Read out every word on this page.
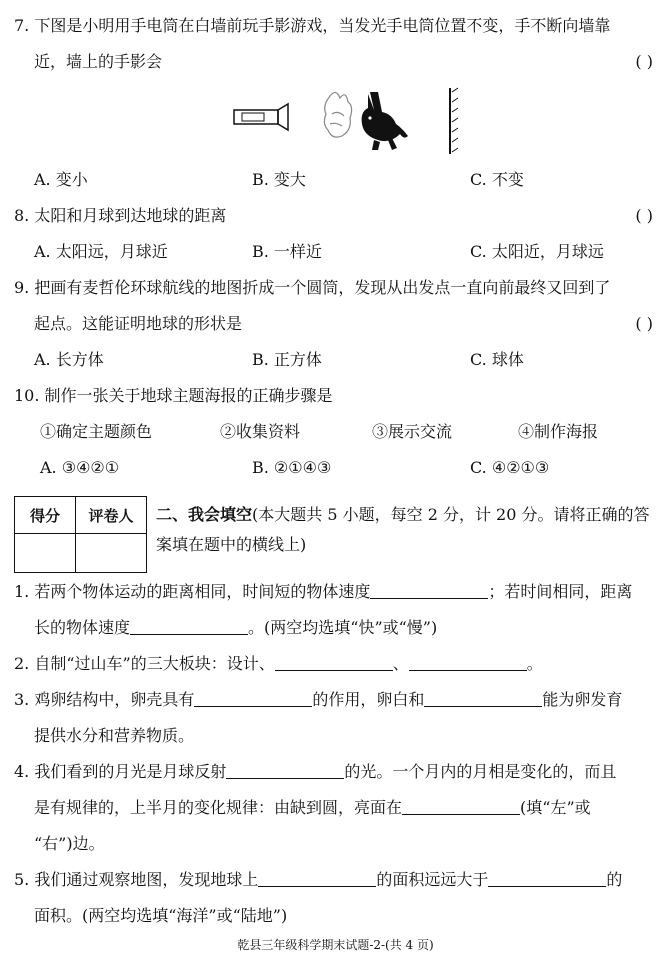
7. 下图是小明用手电筒在白墙前玩手影游戏，当发光手电筒位置不变，手不断向墙靠
近，墙上的手影会	( )
A. 变小	B. 变大	C. 不变
8. 太阳和月球到达地球的距离	( )
A. 太阳远，月球近	B. 一样近	C. 太阳近，月球远
9. 把画有麦哲伦环球航线的地图折成一个圆筒，发现从出发点一直向前最终又回到了
起点。这能证明地球的形状是	( )
A. 长方体	B. 正方体	C. 球体
10. 制作一张关于地球主题海报的正确步骤是
①确定主题颜色	②收集资料	③展示交流	④制作海报
A. ③④②①	B. ②①④③	C. ④②①③
得分	评卷人
	二、我会填空(本大题共 5 小题，每空 2 分，计 20 分。请将正确的答案填在题中的横线上)
1. 若两个物体运动的距离相同，时间短的物体速度	；若时间相同，距离
长的物体速度	。(两空均选填“快”或“慢”)
2. 自制“过山车”的三大板块：设计、	、	。
3. 鸡卵结构中，卵壳具有	的作用，卵白和	能为卵发育
提供水分和营养物质。
4. 我们看到的月光是月球反射	的光。一个月内的月相是变化的，而且
是有规律的，上半月的变化规律：由缺到圆，亮面在	(填“左”或
“右”)边。
5. 我们通过观察地图，发现地球上	的面积远远大于	的
面积。(两空均选填“海洋”或“陆地”)
乾县三年级科学期末试题-2-(共 4 页)
